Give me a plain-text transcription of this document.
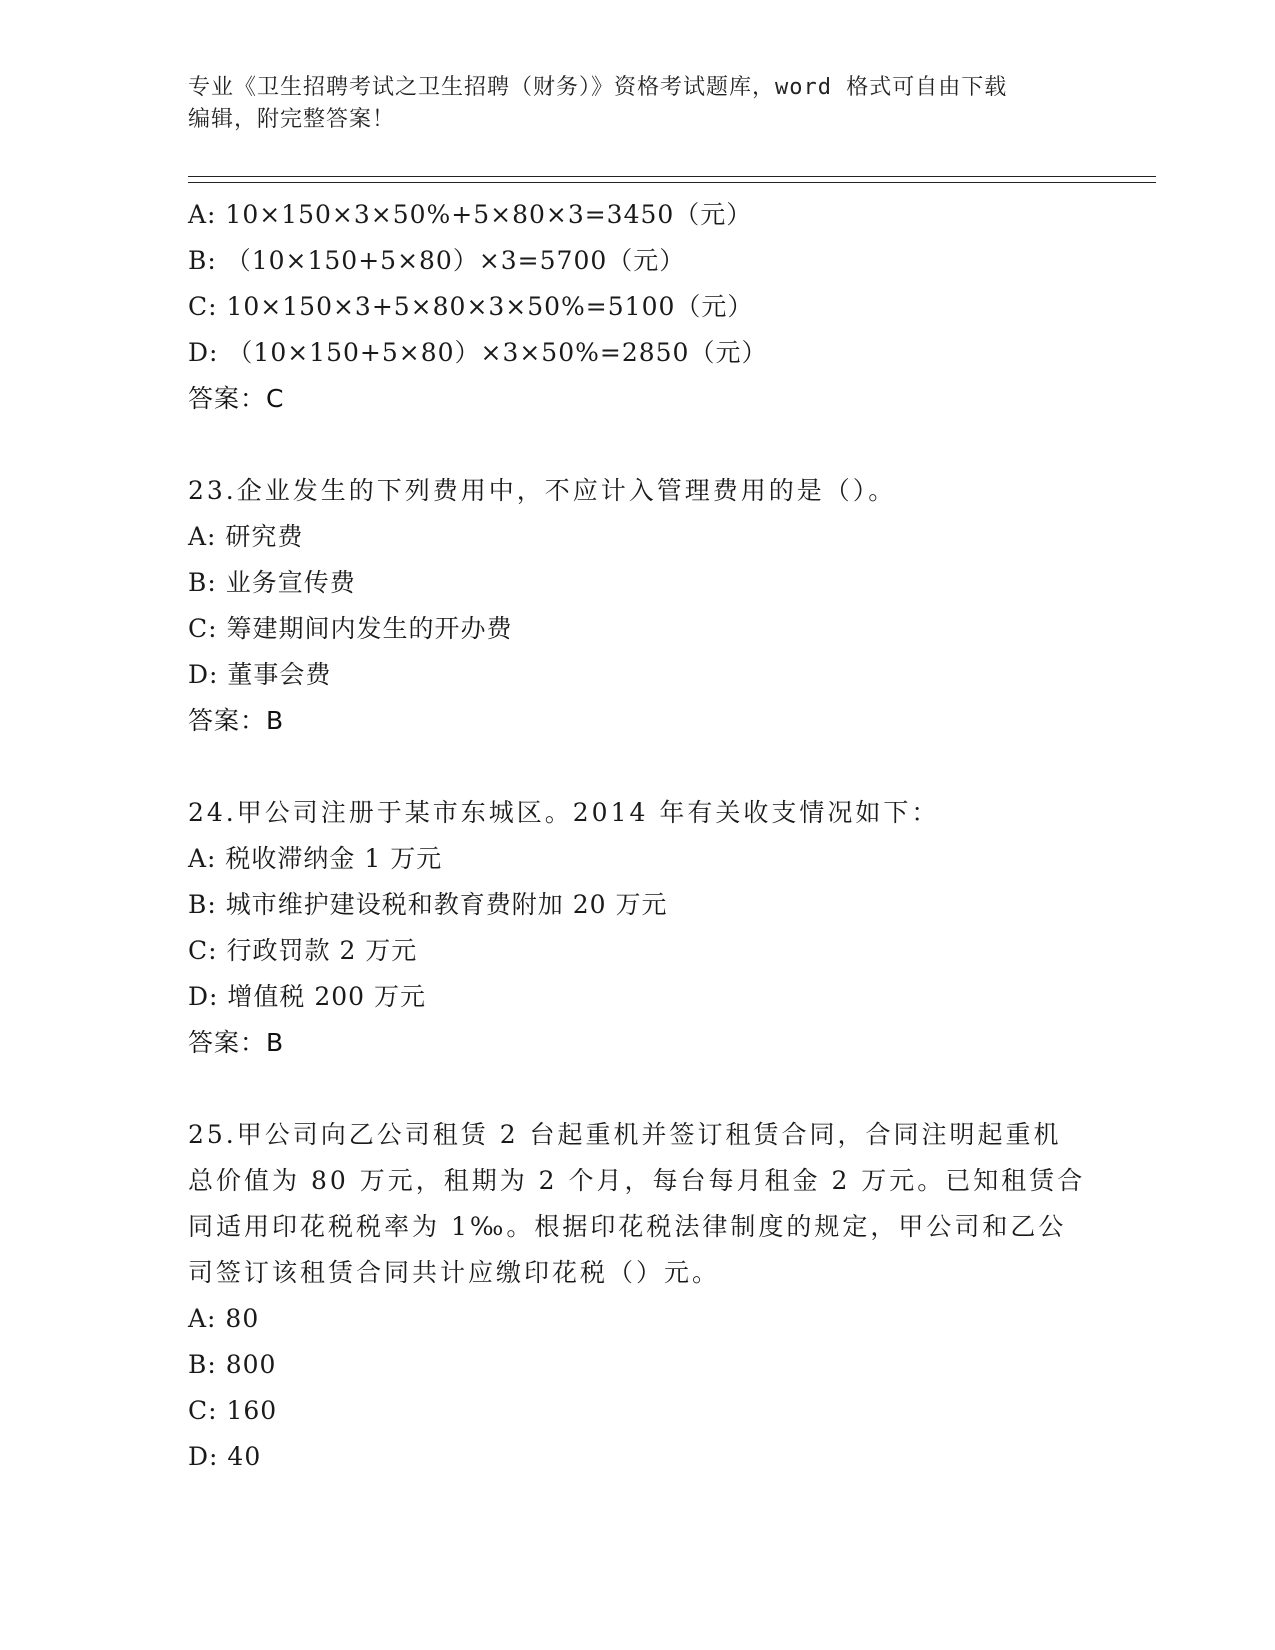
专业《卫生招聘考试之卫生招聘（财务）》资格考试题库，word 格式可自由下载
编辑，附完整答案！
A: 10×150×3×50%+5×80×3=3450（元）
B: （10×150+5×80）×3=5700（元）
C: 10×150×3+5×80×3×50%=5100（元）
D: （10×150+5×80）×3×50%=2850（元）
答案：C
23.企业发生的下列费用中，不应计入管理费用的是（）。
A: 研究费
B: 业务宣传费
C: 筹建期间内发生的开办费
D: 董事会费
答案：B
24.甲公司注册于某市东城区。2014 年有关收支情况如下：
A: 税收滞纳金 1 万元
B: 城市维护建设税和教育费附加 20 万元
C: 行政罚款 2 万元
D: 增值税 200 万元
答案：B
25.甲公司向乙公司租赁 2 台起重机并签订租赁合同，合同注明起重机
总价值为 80 万元，租期为 2 个月，每台每月租金 2 万元。已知租赁合
同适用印花税税率为 1‰。根据印花税法律制度的规定，甲公司和乙公
司签订该租赁合同共计应缴印花税（）元。
A: 80
B: 800
C: 160
D: 40
